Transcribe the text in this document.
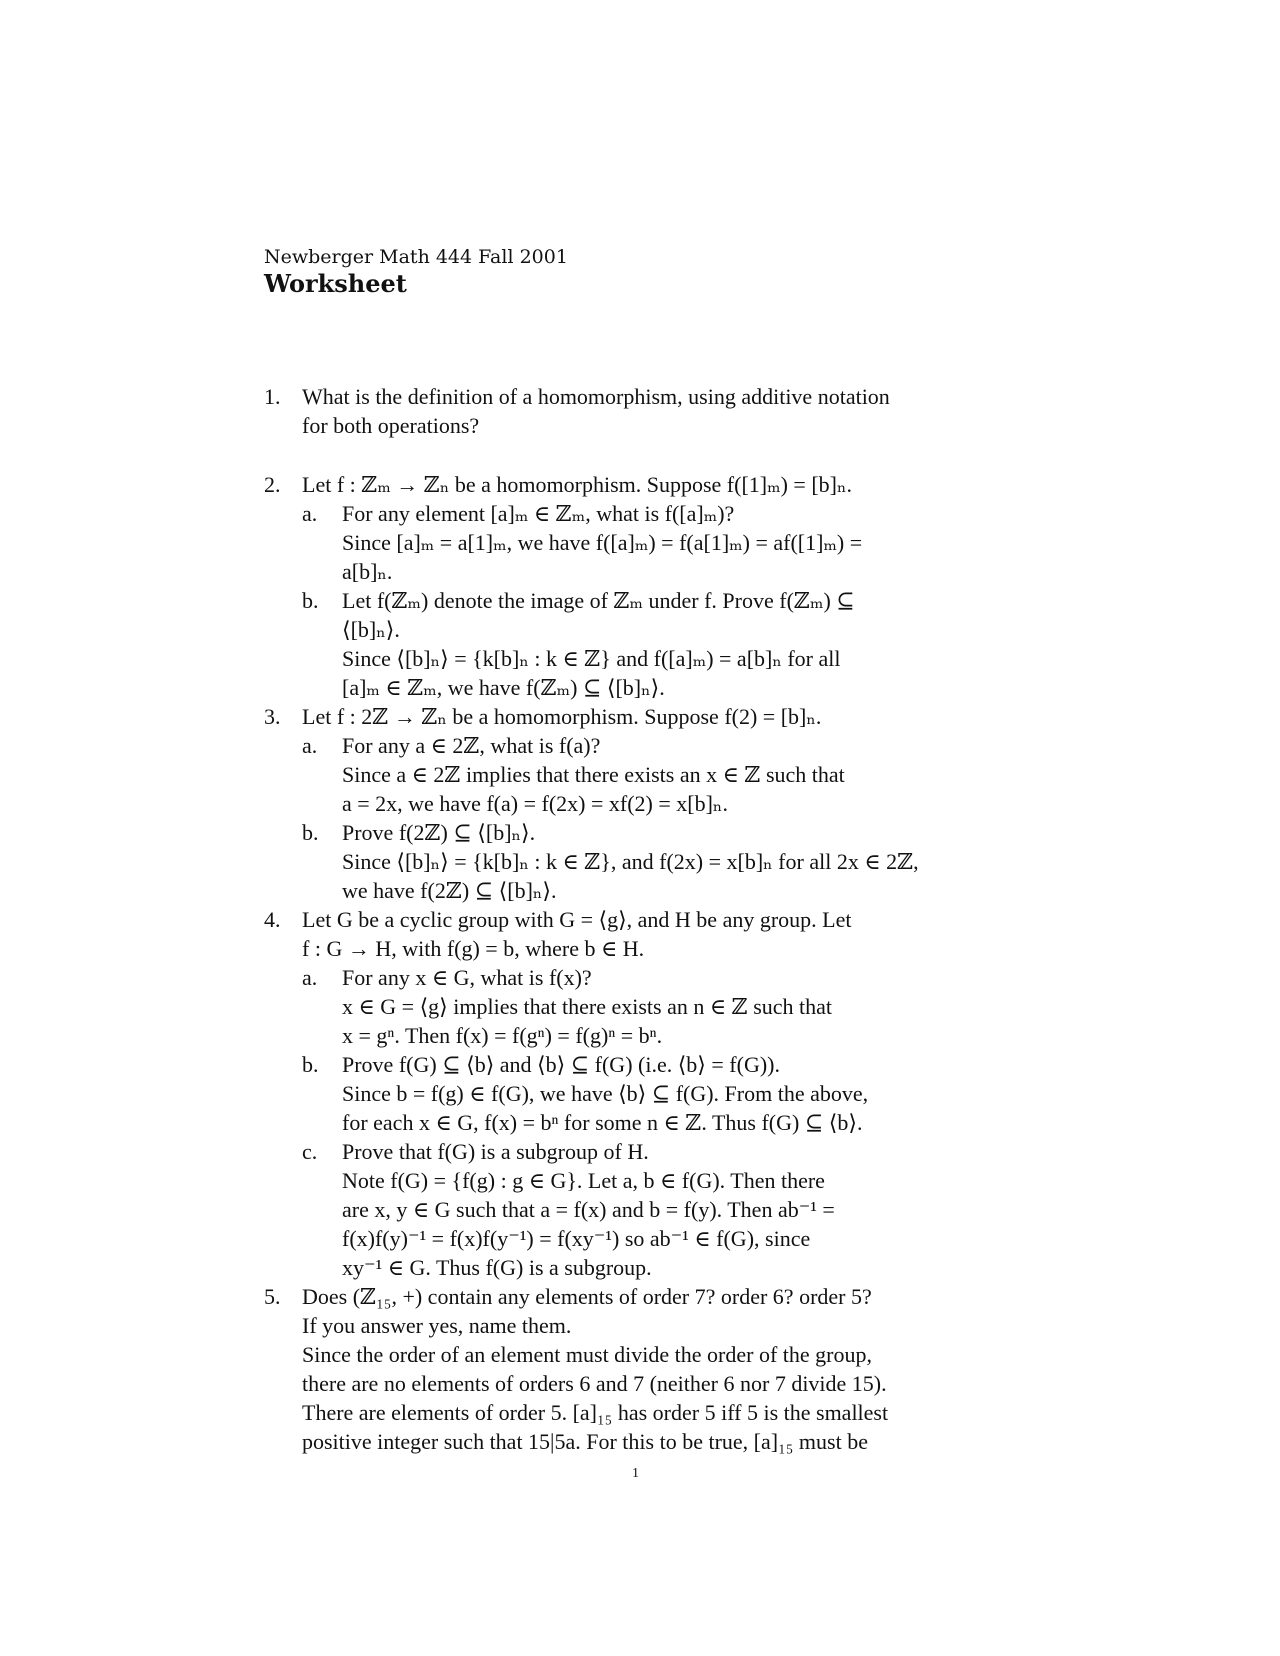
Newberger Math 444 Fall 2001
Worksheet
1. What is the definition of a homomorphism, using additive notation
for both operations?
2. Let f : ℤₘ → ℤₙ be a homomorphism. Suppose f([1]ₘ) = [b]ₙ.
a. For any element [a]ₘ ∈ ℤₘ, what is f([a]ₘ)?
Since [a]ₘ = a[1]ₘ, we have f([a]ₘ) = f(a[1]ₘ) = af([1]ₘ) =
a[b]ₙ.
b. Let f(ℤₘ) denote the image of ℤₘ under f. Prove f(ℤₘ) ⊆
⟨[b]ₙ⟩.
Since ⟨[b]ₙ⟩ = {k[b]ₙ : k ∈ ℤ} and f([a]ₘ) = a[b]ₙ for all
[a]ₘ ∈ ℤₘ, we have f(ℤₘ) ⊆ ⟨[b]ₙ⟩.
3. Let f : 2ℤ → ℤₙ be a homomorphism. Suppose f(2) = [b]ₙ.
a. For any a ∈ 2ℤ, what is f(a)?
Since a ∈ 2ℤ implies that there exists an x ∈ ℤ such that
a = 2x, we have f(a) = f(2x) = xf(2) = x[b]ₙ.
b. Prove f(2ℤ) ⊆ ⟨[b]ₙ⟩.
Since ⟨[b]ₙ⟩ = {k[b]ₙ : k ∈ ℤ}, and f(2x) = x[b]ₙ for all 2x ∈ 2ℤ,
we have f(2ℤ) ⊆ ⟨[b]ₙ⟩.
4. Let G be a cyclic group with G = ⟨g⟩, and H be any group. Let
f : G → H, with f(g) = b, where b ∈ H.
a. For any x ∈ G, what is f(x)?
x ∈ G = ⟨g⟩ implies that there exists an n ∈ ℤ such that
x = gⁿ. Then f(x) = f(gⁿ) = f(g)ⁿ = bⁿ.
b. Prove f(G) ⊆ ⟨b⟩ and ⟨b⟩ ⊆ f(G) (i.e. ⟨b⟩ = f(G)).
Since b = f(g) ∈ f(G), we have ⟨b⟩ ⊆ f(G). From the above,
for each x ∈ G, f(x) = bⁿ for some n ∈ ℤ. Thus f(G) ⊆ ⟨b⟩.
c. Prove that f(G) is a subgroup of H.
Note f(G) = {f(g) : g ∈ G}. Let a, b ∈ f(G). Then there
are x, y ∈ G such that a = f(x) and b = f(y). Then ab⁻¹ =
f(x)f(y)⁻¹ = f(x)f(y⁻¹) = f(xy⁻¹) so ab⁻¹ ∈ f(G), since
xy⁻¹ ∈ G. Thus f(G) is a subgroup.
5. Does (ℤ₁₅, +) contain any elements of order 7? order 6? order 5?
If you answer yes, name them.
Since the order of an element must divide the order of the group,
there are no elements of orders 6 and 7 (neither 6 nor 7 divide 15).
There are elements of order 5. [a]₁₅ has order 5 iff 5 is the smallest
positive integer such that 15|5a. For this to be true, [a]₁₅ must be
1
